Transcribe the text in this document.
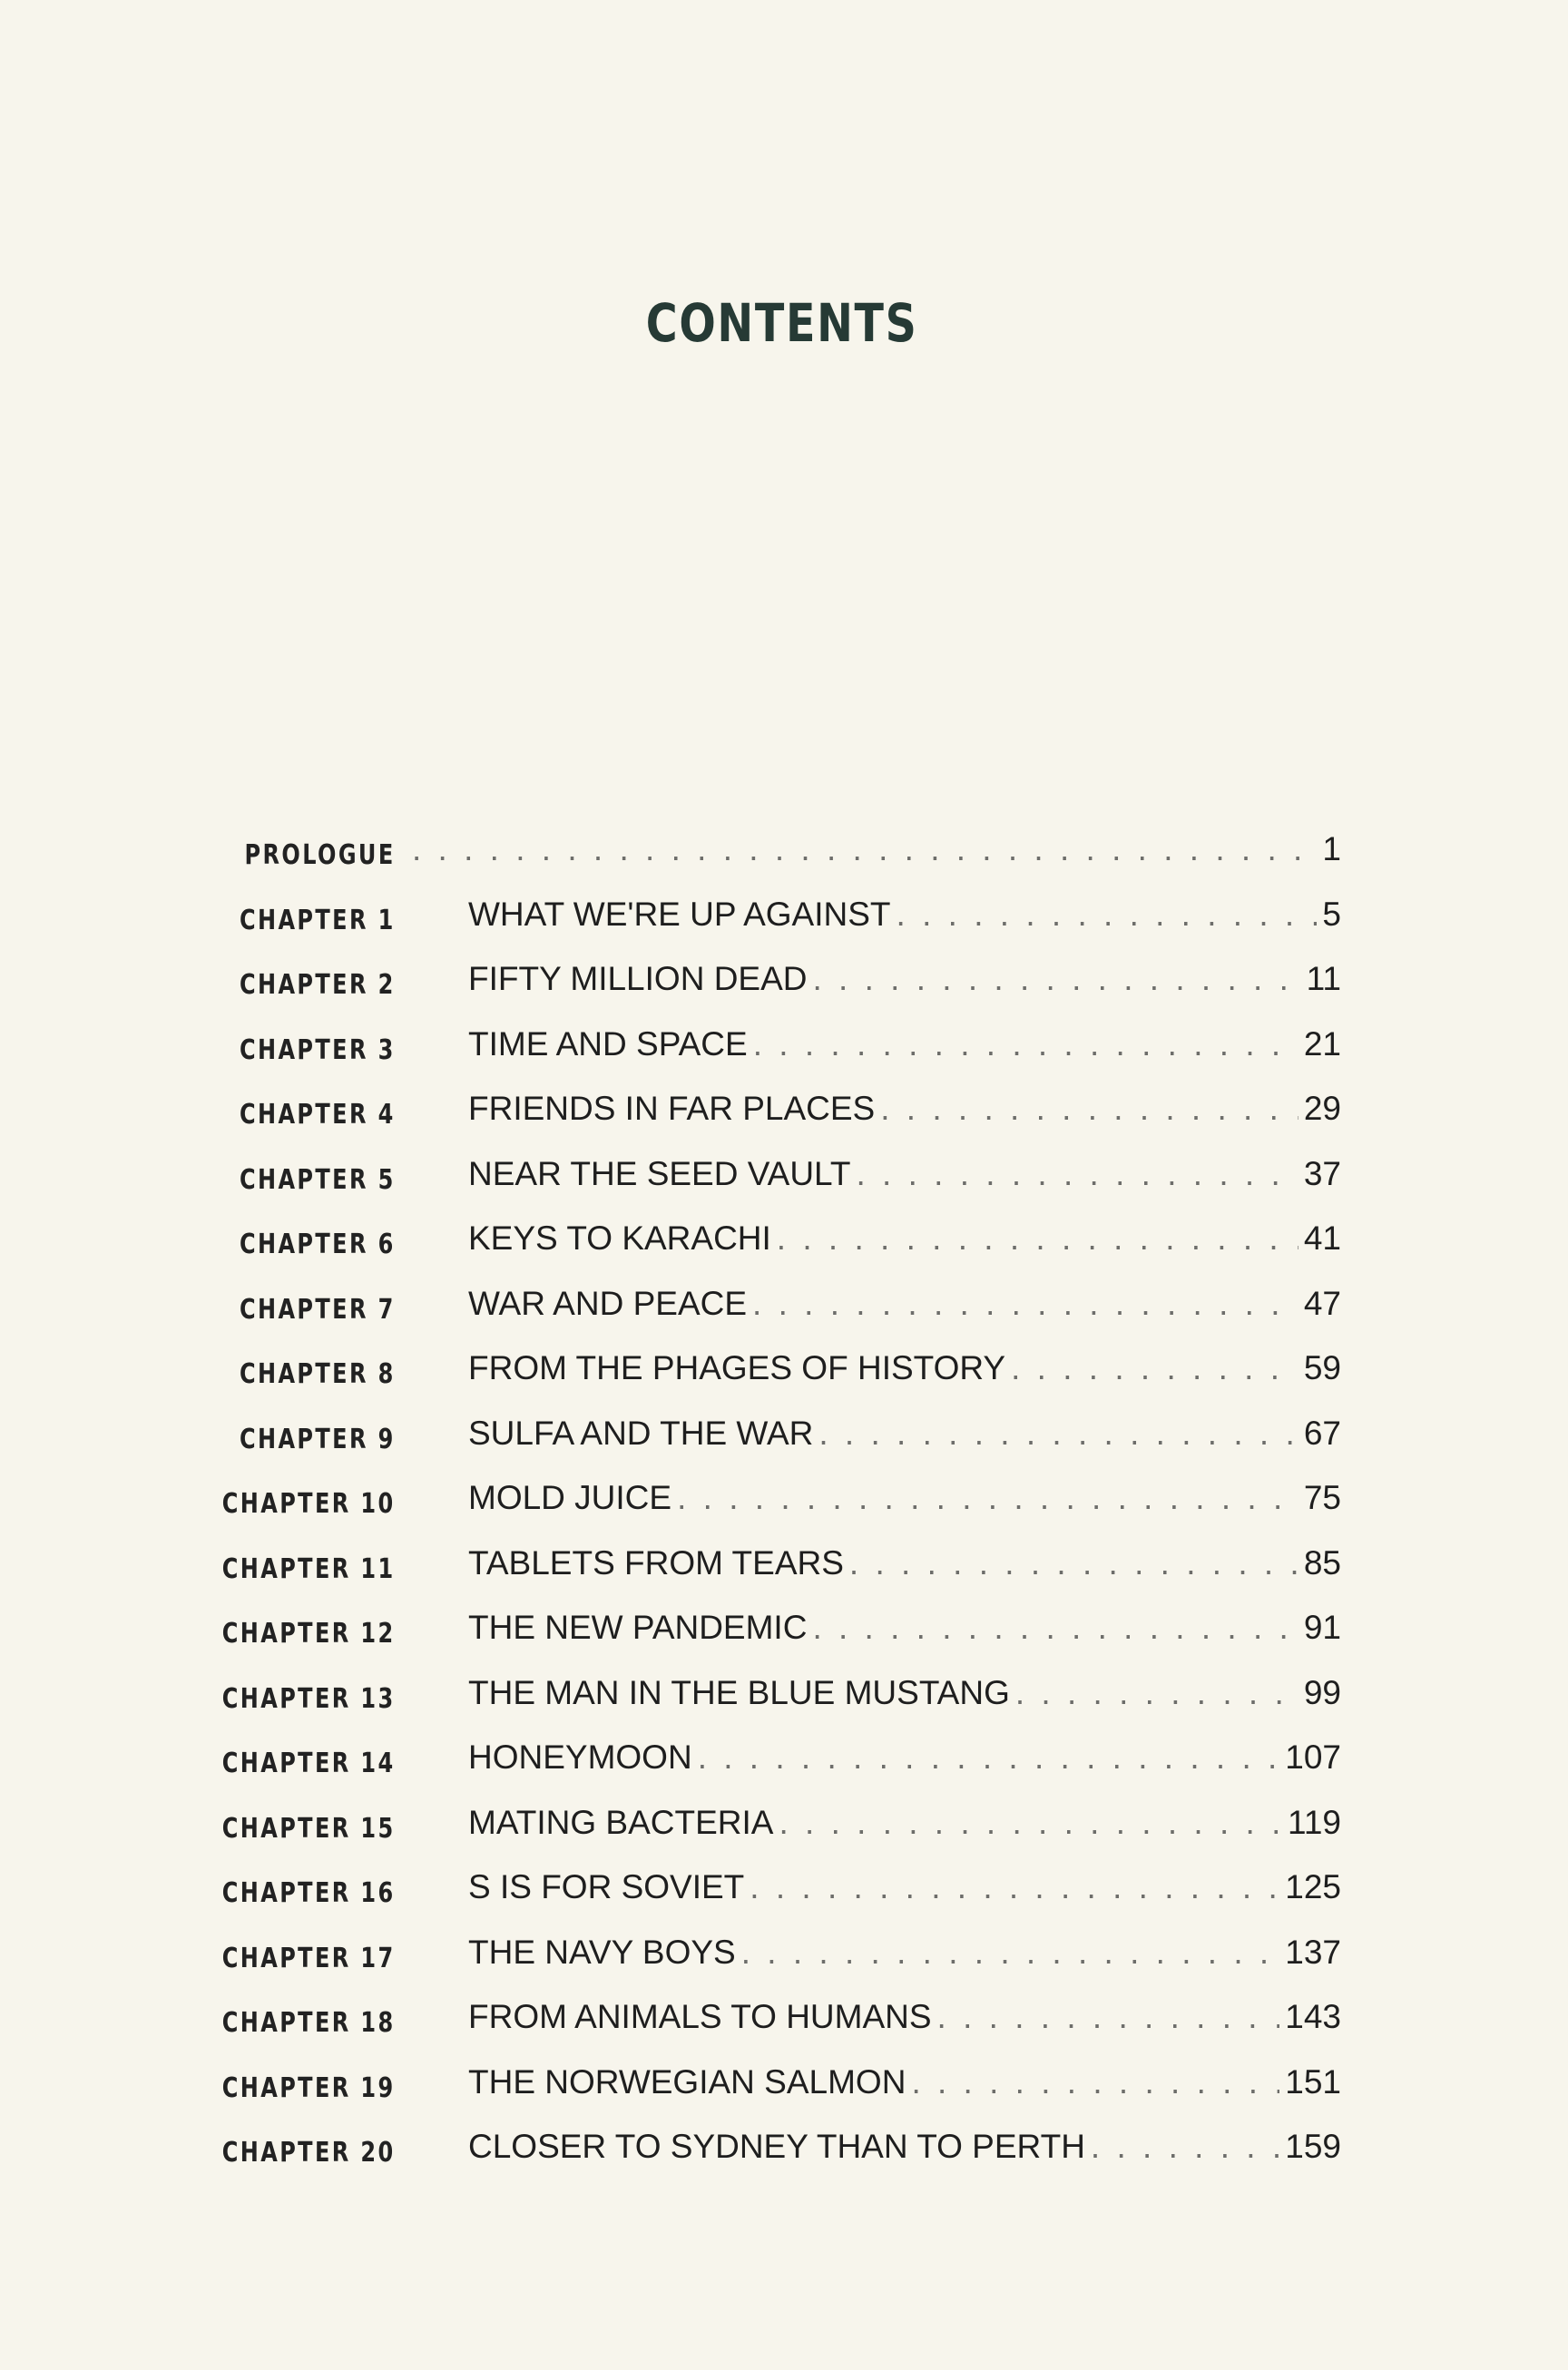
CONTENTS
PROLOGUE . . .	1
CHAPTER 1 WHAT WE'RE UP AGAINST . . .	5
CHAPTER 2 FIFTY MILLION DEAD . . .	11
CHAPTER 3 TIME AND SPACE . . .	21
CHAPTER 4 FRIENDS IN FAR PLACES . . .	29
CHAPTER 5 NEAR THE SEED VAULT . . .	37
CHAPTER 6 KEYS TO KARACHI . . .	41
CHAPTER 7 WAR AND PEACE . . .	47
CHAPTER 8 FROM THE PHAGES OF HISTORY . . .	59
CHAPTER 9 SULFA AND THE WAR . . .	67
CHAPTER 10 MOLD JUICE . . .	75
CHAPTER 11 TABLETS FROM TEARS . . .	85
CHAPTER 12 THE NEW PANDEMIC . . .	91
CHAPTER 13 THE MAN IN THE BLUE MUSTANG . . .	99
CHAPTER 14 HONEYMOON . . .	107
CHAPTER 15 MATING BACTERIA . . .	119
CHAPTER 16 S IS FOR SOVIET . . .	125
CHAPTER 17 THE NAVY BOYS . . .	137
CHAPTER 18 FROM ANIMALS TO HUMANS . . .	143
CHAPTER 19 THE NORWEGIAN SALMON . . .	151
CHAPTER 20 CLOSER TO SYDNEY THAN TO PERTH . . .	159
